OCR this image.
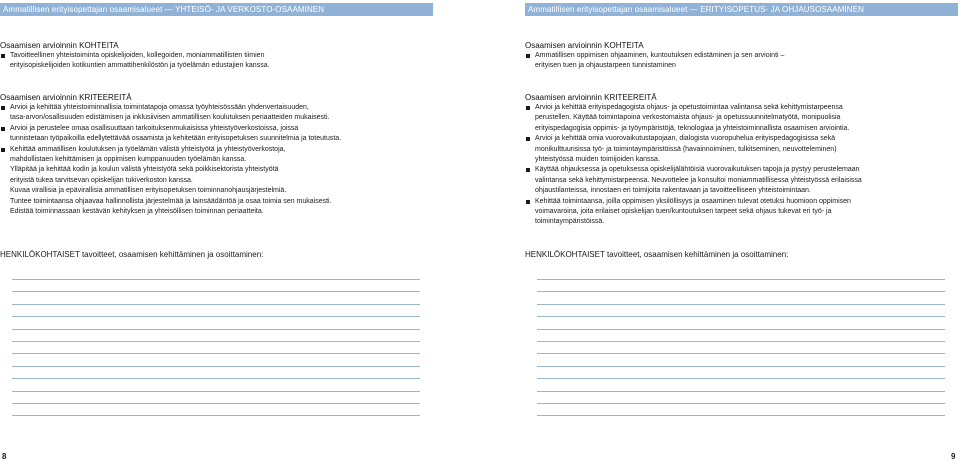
Ammatillisen erityisopettajan osaamisalueet — YHTEISÖ- JA VERKOSTO-OSAAMINEN
Osaamisen arvioinnin KOHTEITA
Tavoitteellinen yhteistoiminta opiskelijoiden, kollegoiden, moniammatillisten tiimien
erityisopiskelijoiden kotikuntien ammattihenkilöstön ja työelämän edustajien kanssa.
Osaamisen arvioinnin KRITEEREITÄ
Arvioi ja kehittää yhteistoiminnallisia toimintatapoja omassa työyhteisössään yhdenvertaisuuden,
tasa-arvon/osallisuuden edistämisen ja inklusiivisen ammatillisen koulutuksen periaatteiden mukaisesti.
Arvioi ja perustelee omaa osallisuuttaan tarkoituksenmukaisissa yhteistyöverkostoissa, joissa
tunnistetaan työpaikoilla edellytettävää osaamista ja kehitetään erityisopetuksen suunnitelmia ja toteutusta.
Kehittää ammatillisen koulutuksen ja työelämän välistä yhteistyötä ja yhteistyöverkostoja,
mahdollistaen kehittämisen ja oppimisen kumppanuuden työelämän kanssa.

Ylläpitää ja kehittää kodin ja koulun välistä yhteistyötä sekä poikkisektorista yhteistyötä

erityistä tukea tarvitsevan opiskelijan tukiverkoston kanssa.

Kuvaa virallisia ja epävirallisia ammatillisen erityisopetuksen toiminnanohjausjärjestelmiä.

Tuntee toimintaansa ohjaavaa hallinnollista järjestelmää ja lainsäädäntöä ja osaa toimia sen mukaisesti.

Edistää toiminnassaan kestävän kehityksen ja yhteisöllisen toiminnan periaatteita.

HENKILÖKOHTAISET tavoitteet, osaamisen kehittäminen ja osoittaminen:
8
Ammatillisen erityisopettajan osaamisalueet — ERITYISOPETUS- JA OHJAUSOSAAMINEN
Osaamisen arvioinnin KOHTEITA
Ammatillisen oppimisen ohjaaminen, kuntoutuksen edistäminen ja sen arviointi –
erityisen tuen ja ohjaustarpeen tunnistaminen
Osaamisen arvioinnin KRITEEREITÄ
Arvioi ja kehittää erityispedagogista ohjaus- ja opetustoimintaa valintansa sekä kehittymistarpeensa
perustellen. Käyttää toimintapoina verkostomaista ohjaus- ja opetussuunnitelmatyötä, monipuolisia
erityispedagogisia oppimis- ja työympäristöjä, teknologiaa ja yhteistoiminnallista osaamisen arviointia.
Arvioi ja kehittää omia vuorovaikutustapojaan, dialogista vuoropuhelua erityispedagogisissa sekä
monikulttuurisissa työ- ja toimintaympäristöissä (havainnoiminen, tulkitseminen, neuvotteleminen)
yhteistyössä muiden toimijoiden kanssa.
Käyttää ohjauksessa ja opetuksessa opiskelijälähtöisiä vuorovaikutuksen tapoja ja pystyy perustelemaan
valintansa sekä kehittymistarpeensa. Neuvottelee ja konsultoi moniammatillisessa yhteistyössä erilaisissa
ohjaustilanteissa, innostaen eri toimijoita rakentavaan ja tavoitteelliseen yhteistoimintaan.
Kehittää toimintaansa, joilla oppimisen yksilöllisyys ja osaaminen tulevat otetuksi huomioon oppimisen
voimavaroina, joita erilaiset opiskelijan tuen/kuntoutuksen tarpeet sekä ohjaus tukevat eri työ- ja
toimintaympäristöissä.
HENKILÖKOHTAISET tavoitteet, osaamisen kehittäminen ja osoittaminen:
9
